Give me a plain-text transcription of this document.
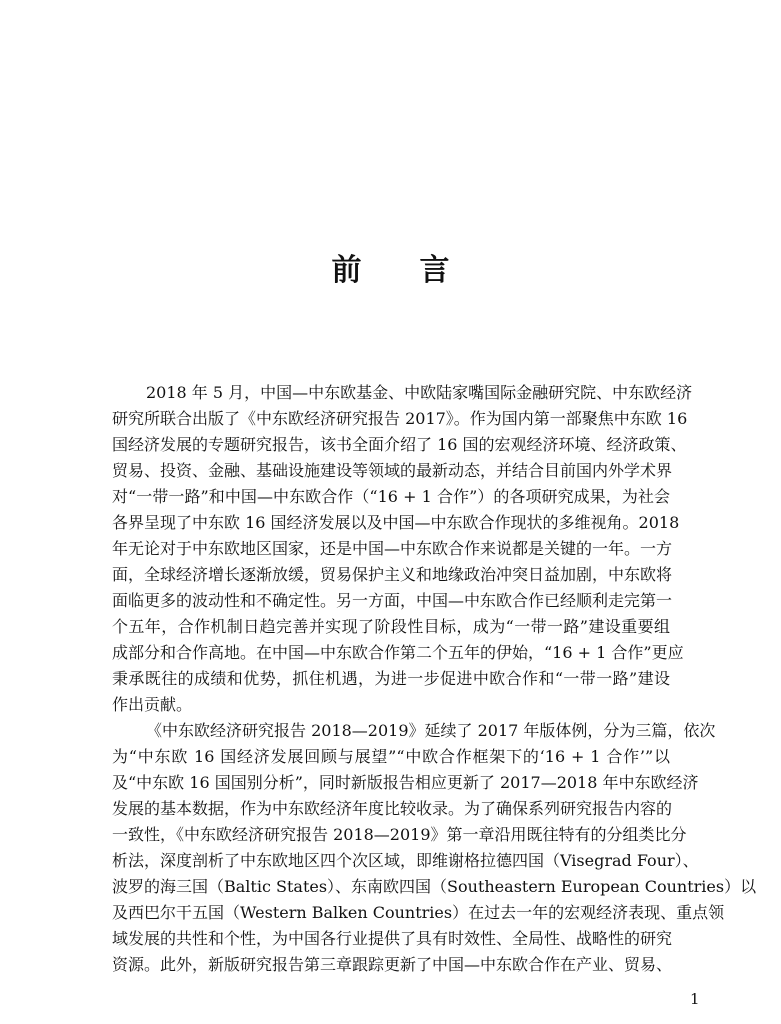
前 言
2018 年 5 月，中国—中东欧基金、中欧陆家嘴国际金融研究院、中东欧经济
研究所联合出版了《中东欧经济研究报告 2017》。作为国内第一部聚焦中东欧 16
国经济发展的专题研究报告，该书全面介绍了 16 国的宏观经济环境、经济政策、
贸易、投资、金融、基础设施建设等领域的最新动态，并结合目前国内外学术界
对“一带一路”和中国—中东欧合作（“16 + 1 合作”）的各项研究成果，为社会
各界呈现了中东欧 16 国经济发展以及中国—中东欧合作现状的多维视角。2018
年无论对于中东欧地区国家，还是中国—中东欧合作来说都是关键的一年。一方
面，全球经济增长逐渐放缓，贸易保护主义和地缘政治冲突日益加剧，中东欧将
面临更多的波动性和不确定性。另一方面，中国—中东欧合作已经顺利走完第一
个五年，合作机制日趋完善并实现了阶段性目标，成为“一带一路”建设重要组
成部分和合作高地。在中国—中东欧合作第二个五年的伊始，“16 + 1 合作”更应
秉承既往的成绩和优势，抓住机遇，为进一步促进中欧合作和“一带一路”建设
作出贡献。
《中东欧经济研究报告 2018—2019》延续了 2017 年版体例，分为三篇，依次
为“中东欧 16 国经济发展回顾与展望”“中欧合作框架下的‘16 + 1 合作’”以
及“中东欧 16 国国别分析”，同时新版报告相应更新了 2017—2018 年中东欧经济
发展的基本数据，作为中东欧经济年度比较收录。为了确保系列研究报告内容的
一致性，《中东欧经济研究报告 2018—2019》第一章沿用既往特有的分组类比分
析法，深度剖析了中东欧地区四个次区域，即维谢格拉德四国（Visegrad Four）、
波罗的海三国（Baltic States）、东南欧四国（Southeastern European Countries）以
及西巴尔干五国（Western Balken Countries）在过去一年的宏观经济表现、重点领
域发展的共性和个性，为中国各行业提供了具有时效性、全局性、战略性的研究
资源。此外，新版研究报告第三章跟踪更新了中国—中东欧合作在产业、贸易、
1
